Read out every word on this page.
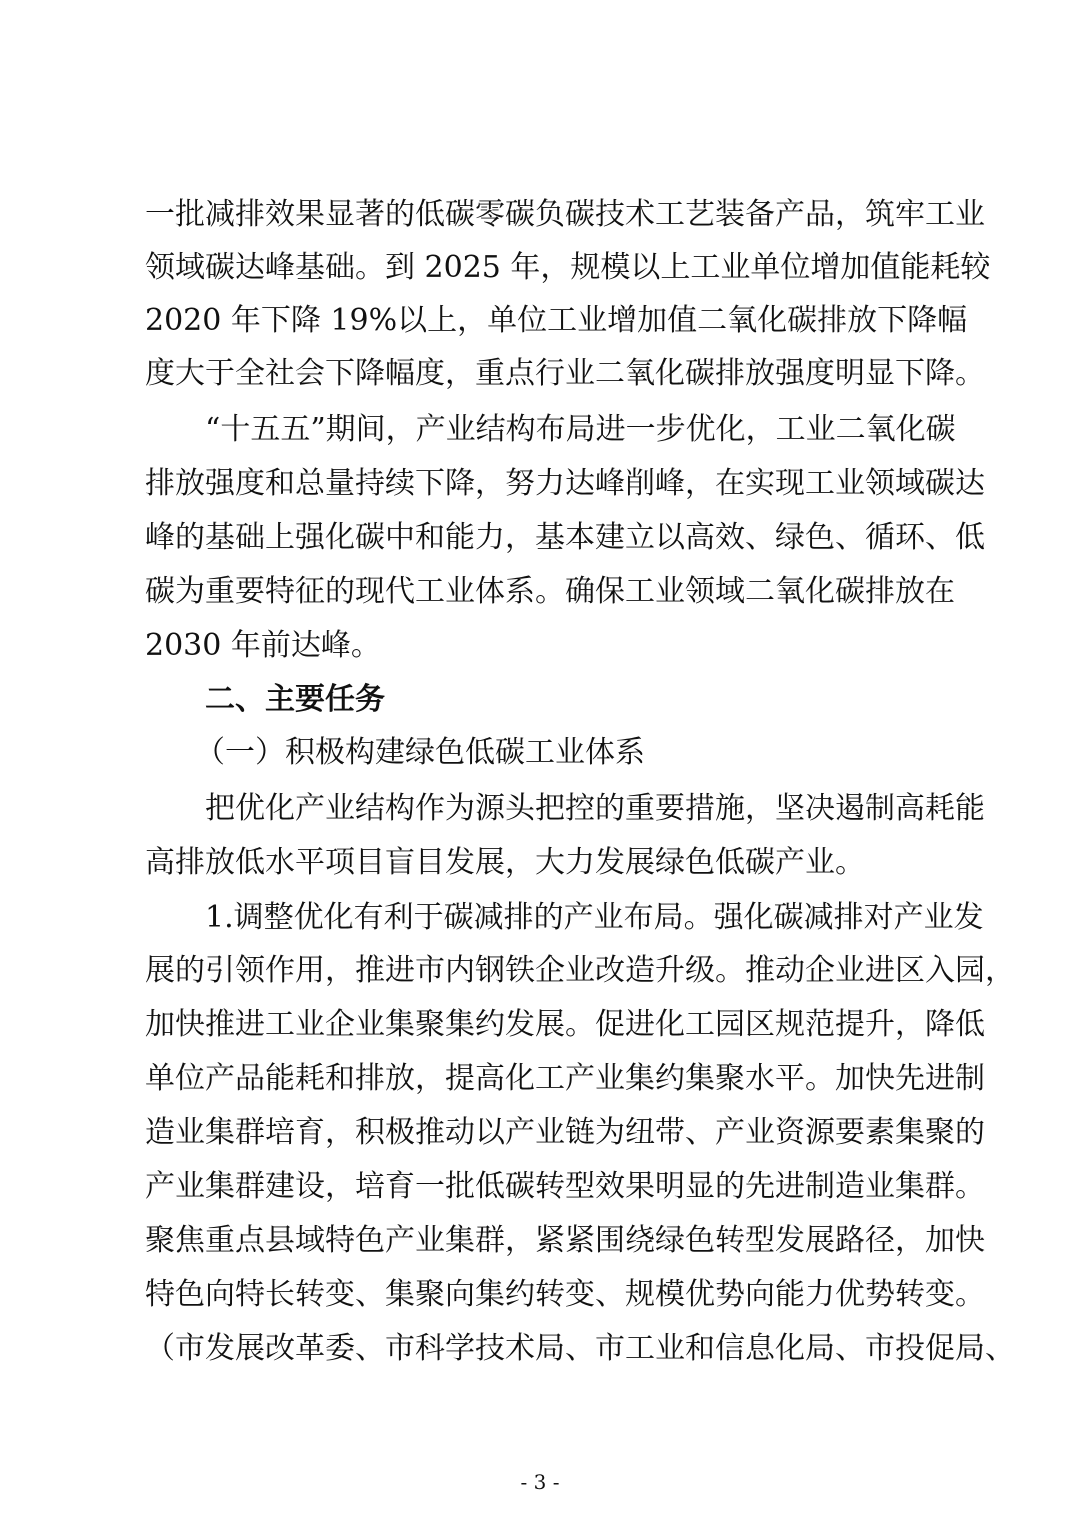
一批减排效果显著的低碳零碳负碳技术工艺装备产品，筑牢工业
领域碳达峰基础。到 2025 年，规模以上工业单位增加值能耗较
2020 年下降 19%以上，单位工业增加值二氧化碳排放下降幅
度大于全社会下降幅度，重点行业二氧化碳排放强度明显下降。
“十五五”期间，产业结构布局进一步优化，工业二氧化碳
排放强度和总量持续下降，努力达峰削峰，在实现工业领域碳达
峰的基础上强化碳中和能力，基本建立以高效、绿色、循环、低
碳为重要特征的现代工业体系。确保工业领域二氧化碳排放在
2030 年前达峰。
二、主要任务
（一）积极构建绿色低碳工业体系
把优化产业结构作为源头把控的重要措施，坚决遏制高耗能
高排放低水平项目盲目发展，大力发展绿色低碳产业。
1.调整优化有利于碳减排的产业布局。强化碳减排对产业发
展的引领作用，推进市内钢铁企业改造升级。推动企业进区入园，
加快推进工业企业集聚集约发展。促进化工园区规范提升，降低
单位产品能耗和排放，提高化工产业集约集聚水平。加快先进制
造业集群培育，积极推动以产业链为纽带、产业资源要素集聚的
产业集群建设，培育一批低碳转型效果明显的先进制造业集群。
聚焦重点县域特色产业集群，紧紧围绕绿色转型发展路径，加快
特色向特长转变、集聚向集约转变、规模优势向能力优势转变。
（市发展改革委、市科学技术局、市工业和信息化局、市投促局、
- 3 -
